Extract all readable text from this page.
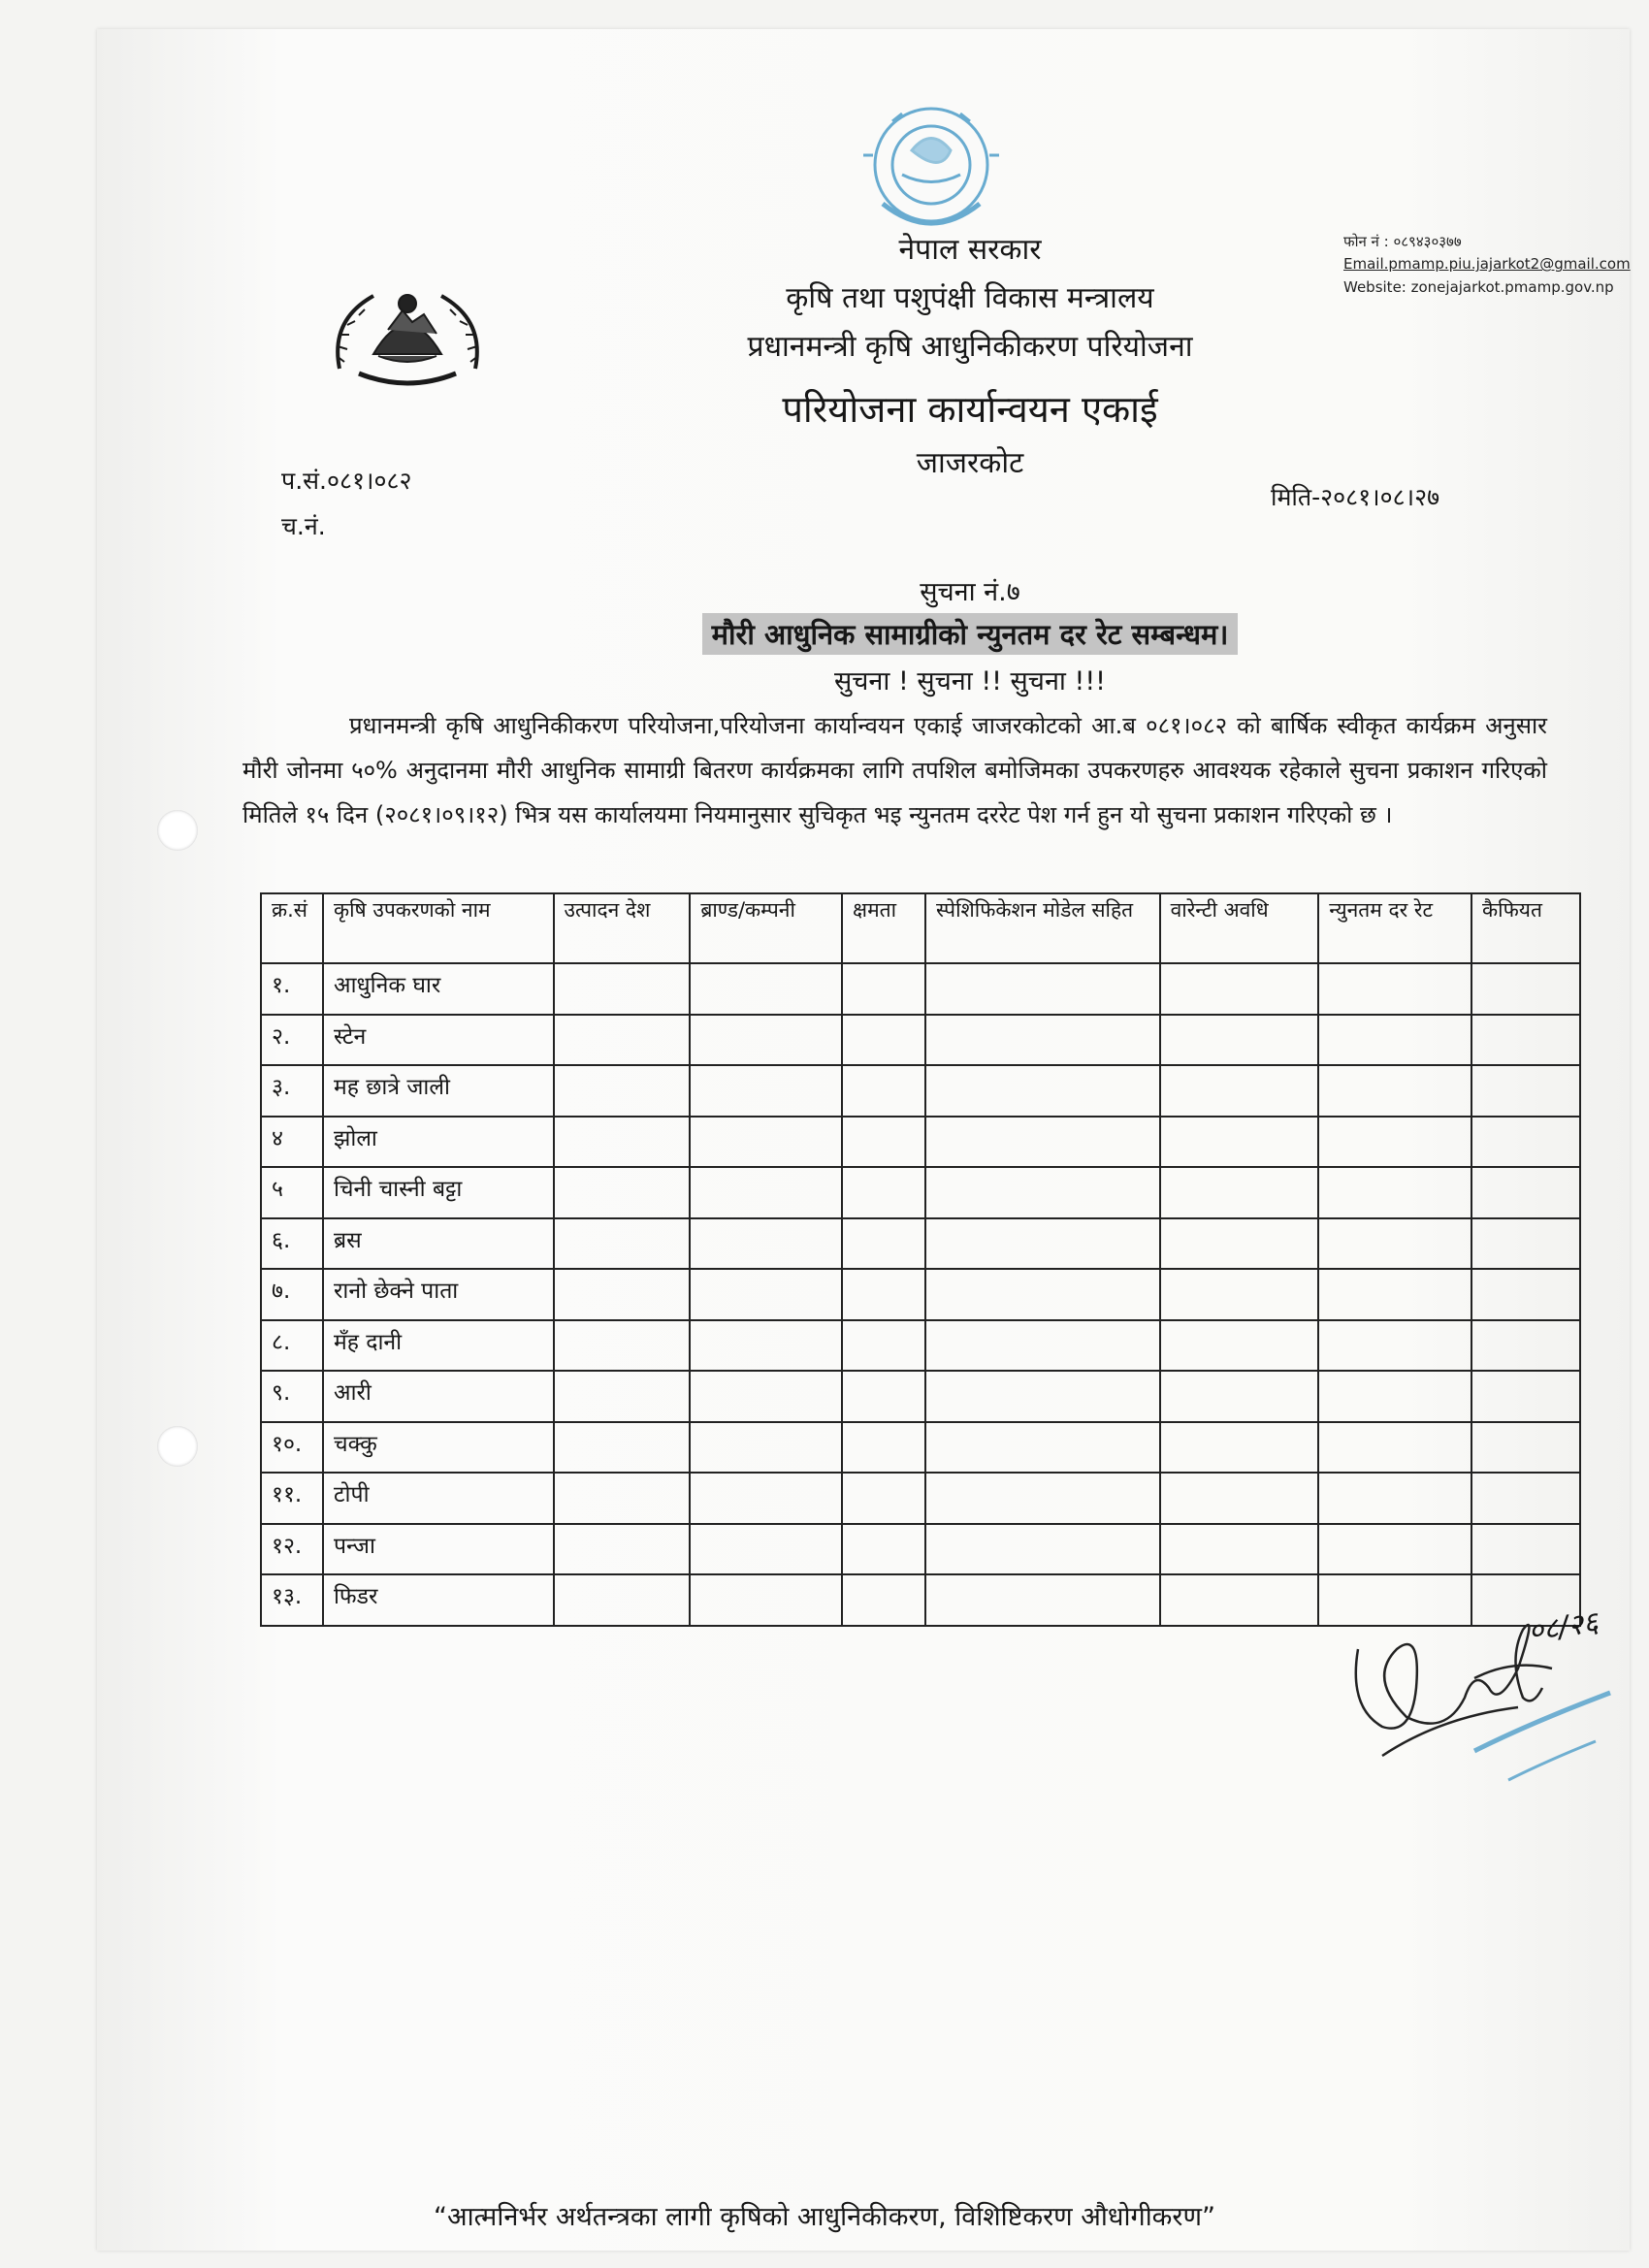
नेपाल सरकार
कृषि तथा पशुपंक्षी विकास मन्त्रालय
प्रधानमन्त्री कृषि आधुनिकीकरण परियोजना
परियोजना कार्यान्वयन एकाई
जाजरकोट
फोन नं : ०८९४३०३७७
Email.pmamp.piu.jajarkot2@gmail.com
Website: zonejajarkot.pmamp.gov.np
प.सं.०८१।०८२
च.नं.
मिति-२०८१।०८।२७
सुचना नं.७
मौरी आधुनिक सामाग्रीको न्युनतम दर रेट सम्बन्धम।
सुचना ! सुचना !! सुचना !!!
प्रधानमन्त्री कृषि आधुनिकीकरण परियोजना,परियोजना कार्यान्वयन एकाई जाजरकोटको आ.ब ०८१।०८२ को बार्षिक स्वीकृत कार्यक्रम अनुसार मौरी जोनमा ५०% अनुदानमा मौरी आधुनिक सामाग्री बितरण कार्यक्रमका लागि तपशिल बमोजिमका उपकरणहरु आवश्यक रहेकाले सुचना प्रकाशन गरिएको मितिले १५ दिन (२०८१।०९।१२) भित्र यस कार्यालयमा नियमानुसार सुचिकृत भइ न्युनतम दररेट पेश गर्न हुन यो सुचना प्रकाशन गरिएको छ ।
क्र.सं	कृषि उपकरणको नाम	उत्पादन देश	ब्राण्ड/कम्पनी	क्षमता	स्पेशिफिकेशन मोडेल सहित	वारेन्टी अवधि	न्युनतम दर रेट	कैफियत
१.	आधुनिक घार							
२.	स्टेन							
३.	मह छात्रे जाली							
४	झोला							
५	चिनी चास्नी बट्टा							
६.	ब्रस							
७.	रानो छेक्ने पाता							
८.	मँह दानी							
९.	आरी							
१०.	चक्कु							
११.	टोपी							
१२.	पन्जा							
१३.	फिडर							
०८/२६
“आत्मनिर्भर अर्थतन्त्रका लागी कृषिको आधुनिकीकरण, विशिष्टिकरण औधोगीकरण”
